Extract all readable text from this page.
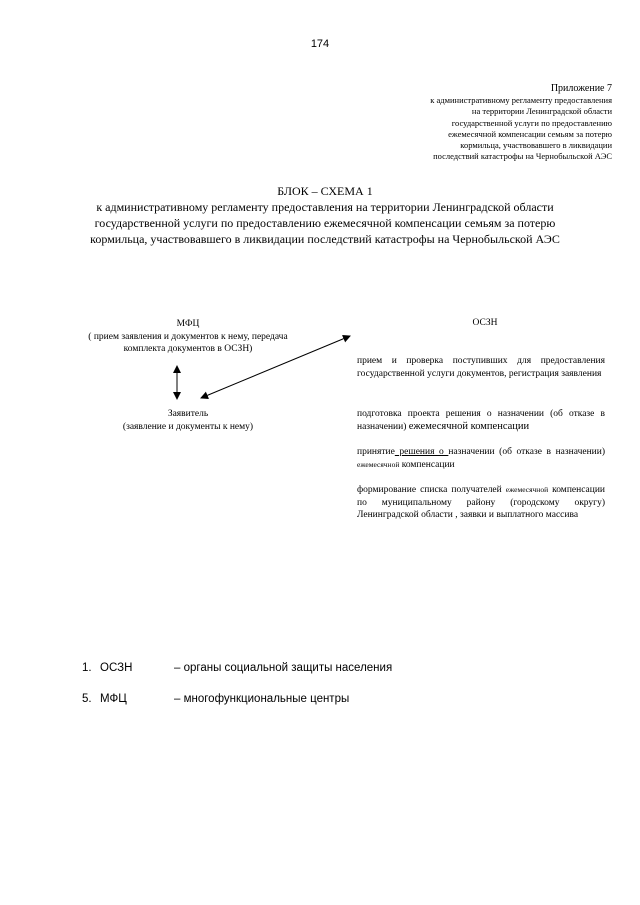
174
Приложение 7
к административному регламенту предоставления
на территории Ленинградской области
государственной услуги по предоставлению
ежемесячной компенсации семьям за потерю
кормильца, участвовавшего в ликвидации
последствий катастрофы на Чернобыльской АЭС
БЛОК – СХЕМА 1
к административному регламенту предоставления на территории Ленинградской области
государственной услуги по предоставлению ежемесячной компенсации семьям за потерю
кормильца, участвовавшего в ликвидации последствий катастрофы на Чернобыльской АЭС
МФЦ
( прием заявления и документов к нему, передача
комплекта документов в ОСЗН)
Заявитель
(заявление и документы к нему)
ОСЗН
прием и проверка поступивших для предоставления государственной услуги документов, регистрация заявления
подготовка проекта решения о назначении (об отказе в назначении) ежемесячной компенсации
принятие решения о назначении (об отказе в назначении) ежемесячной компенсации
формирование списка получателей ежемесячной компенсации по муниципальному району (городскому округу) Ленинградской области , заявки и выплатного массива
1. ОСЗН	– органы социальной защиты населения
5. МФЦ	– многофункциональные центры
